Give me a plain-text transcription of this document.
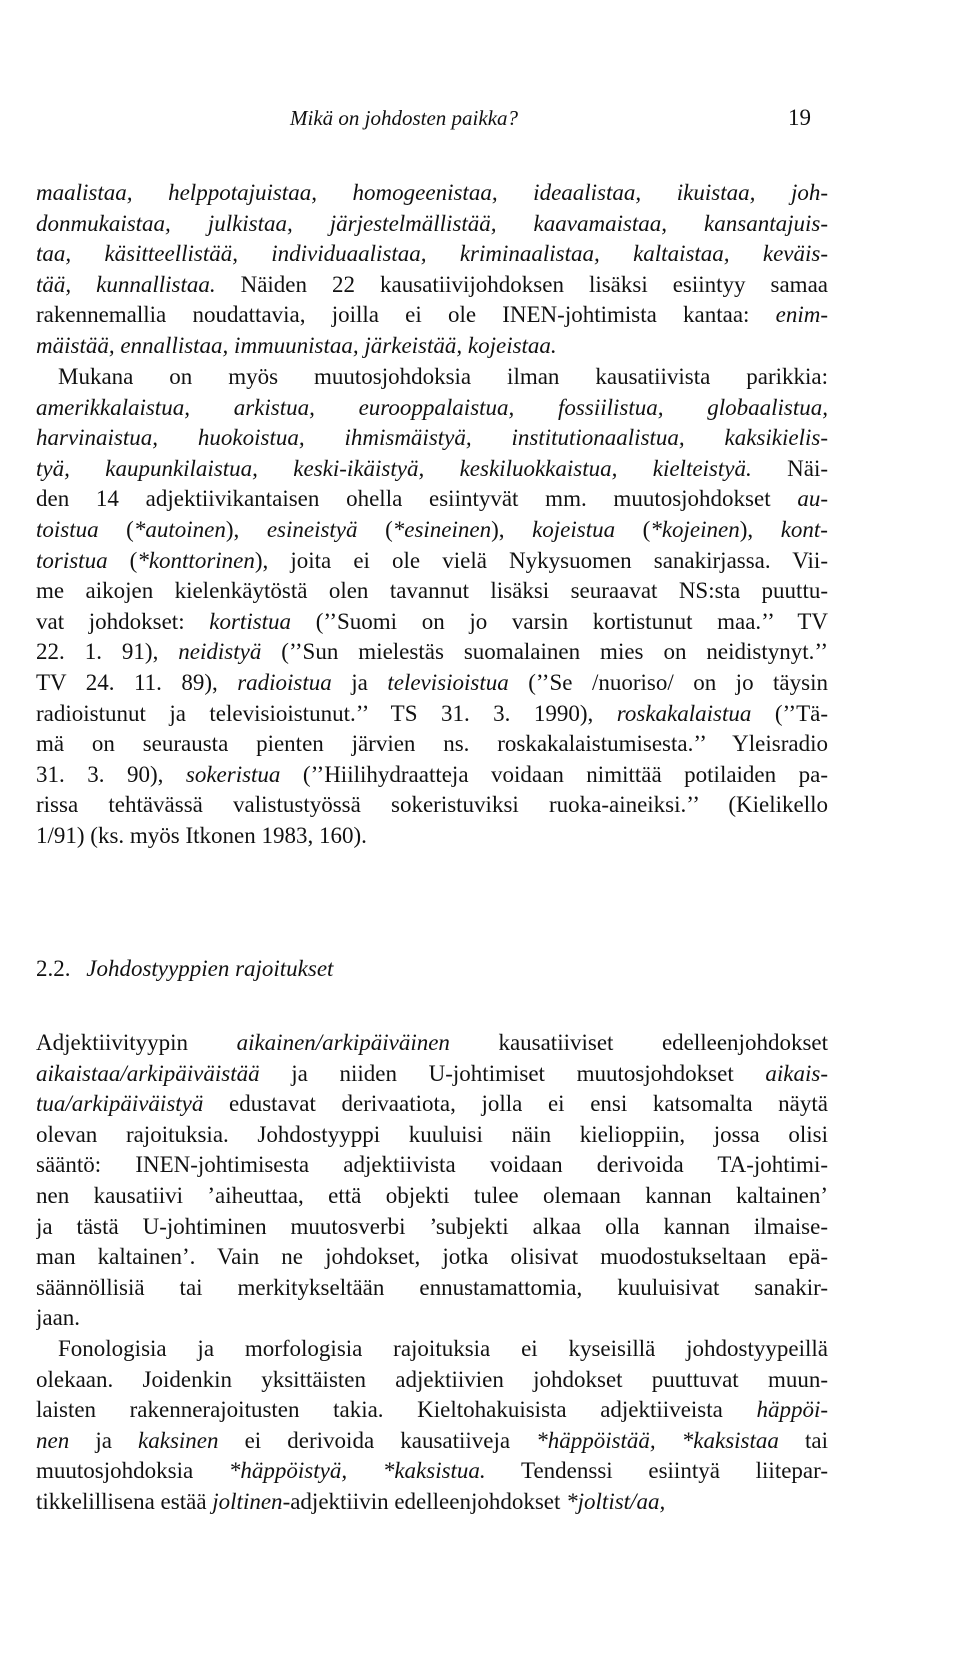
Mikä on johdosten paikka?	19
maalistaa, helppotajuistaa, homogeenistaa, ideaalistaa, ikuistaa, joh-
donmukaistaa, julkistaa, järjestelmällistää, kaavamaistaa, kansantajuis-
taa, käsitteellistää, individuaalistaa, kriminaalistaa, kaltaistaa, keväis-
tää, kunnallistaa. Näiden 22 kausatiivijohdoksen lisäksi esiintyy samaa
rakennemallia noudattavia, joilla ei ole INEN-johtimista kantaa: enim-
mäistää, ennallistaa, immuunistaa, järkeistää, kojeistaa.
Mukana on myös muutosjohdoksia ilman kausatiivista parikkia:
amerikkalaistua, arkistua, eurooppalaistua, fossiilistua, globaalistua,
harvinaistua, huokoistua, ihmismäistyä, institutionaalistua, kaksikielis-
tyä, kaupunkilaistua, keski-ikäistyä, keskiluokkaistua, kielteistyä. Näi-
den 14 adjektiivikantaisen ohella esiintyvät mm. muutosjohdokset au-
toistua (*autoinen), esineistyä (*esineinen), kojeistua (*kojeinen), kont-
toristua (*konttorinen), joita ei ole vielä Nykysuomen sanakirjassa. Vii-
me aikojen kielenkäytöstä olen tavannut lisäksi seuraavat NS:sta puuttu-
vat johdokset: kortistua (’’Suomi on jo varsin kortistunut maa.’’ TV
22. 1. 91), neidistyä (’’Sun mielestäs suomalainen mies on neidistynyt.’’
TV 24. 11. 89), radioistua ja televisioistua (’’Se /nuoriso/ on jo täysin
radioistunut ja televisioistunut.’’ TS 31. 3. 1990), roskakalaistua (’’Tä-
mä on seurausta pienten järvien ns. roskakalaistumisesta.’’ Yleisradio
31. 3. 90), sokeristua (’’Hiilihydraatteja voidaan nimittää potilaiden pa-
rissa tehtävässä valistustyössä sokeristuviksi ruoka-aineiksi.’’ (Kielikello
1/91) (ks. myös Itkonen 1983, 160).
2.2. Johdostyyppien rajoitukset
Adjektiivityypin aikainen/arkipäiväinen kausatiiviset edelleenjohdokset
aikaistaa/arkipäiväistää ja niiden U-johtimiset muutosjohdokset aikais-
tua/arkipäiväistyä edustavat derivaatiota, jolla ei ensi katsomalta näytä
olevan rajoituksia. Johdostyyppi kuuluisi näin kielioppiin, jossa olisi
sääntö: INEN-johtimisesta adjektiivista voidaan derivoida TA-johtimi-
nen kausatiivi ’aiheuttaa, että objekti tulee olemaan kannan kaltainen’
ja tästä U-johtiminen muutosverbi ’subjekti alkaa olla kannan ilmaise-
man kaltainen’. Vain ne johdokset, jotka olisivat muodostukseltaan epä-
säännöllisiä tai merkitykseltään ennustamattomia, kuuluisivat sanakir-
jaan.
Fonologisia ja morfologisia rajoituksia ei kyseisillä johdostyypeillä
olekaan. Joidenkin yksittäisten adjektiivien johdokset puuttuvat muun-
laisten rakennerajoitusten takia. Kieltohakuisista adjektiiveista häppöi-
nen ja kaksinen ei derivoida kausatiiveja *häppöistää, *kaksistaa tai
muutosjohdoksia *häppöistyä, *kaksistua. Tendenssi esiintyä liitepar-
tikkelillisena estää joltinen-adjektiivin edelleenjohdokset *joltist/aa,
